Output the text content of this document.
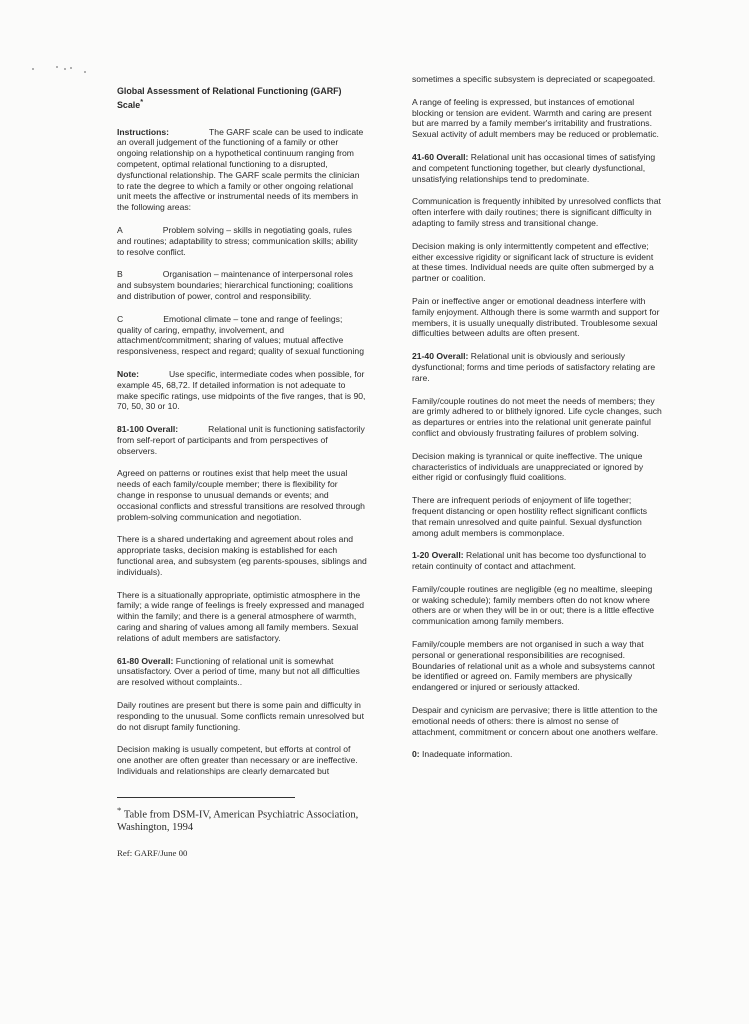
Global Assessment of Relational Functioning (GARF) Scale*

Instructions:	The GARF scale can be used to indicate an overall judgement of the functioning of a family or other ongoing relationship on a hypothetical continuum ranging from competent, optimal relational functioning to a disrupted, dysfunctional relationship. The GARF scale permits the clinician to rate the degree to which a family or other ongoing relational unit meets the affective or instrumental needs of its members in the following areas:

A	Problem solving – skills in negotiating goals, rules and routines; adaptability to stress; communication skills; ability to resolve conflict.

B	Organisation – maintenance of interpersonal roles and subsystem boundaries; hierarchical functioning; coalitions and distribution of power, control and responsibility.

C	Emotional climate – tone and range of feelings; quality of caring, empathy, involvement, and attachment/commitment; sharing of values; mutual affective responsiveness, respect and regard; quality of sexual functioning

Note:	Use specific, intermediate codes when possible, for example 45, 68,72. If detailed information is not adequate to make specific ratings, use midpoints of the five ranges, that is 90, 70, 50, 30 or 10.

81-100 Overall:	Relational unit is functioning satisfactorily from self-report of participants and from perspectives of observers.

Agreed on patterns or routines exist that help meet the usual needs of each family/couple member; there is flexibility for change in response to unusual demands or events; and occasional conflicts and stressful transitions are resolved through problem-solving communication and negotiation.

There is a shared undertaking and agreement about roles and appropriate tasks, decision making is established for each functional area, and subsystem (eg parents-spouses, siblings and individuals).

There is a situationally appropriate, optimistic atmosphere in the family; a wide range of feelings is freely expressed and managed within the family; and there is a general atmosphere of warmth, caring and sharing of values among all family members. Sexual relations of adult members are satisfactory.

61-80 Overall: Functioning of relational unit is somewhat unsatisfactory. Over a period of time, many but not all difficulties are resolved without complaints..

Daily routines are present but there is some pain and difficulty in responding to the unusual. Some conflicts remain unresolved but do not disrupt family functioning.

Decision making is usually competent, but efforts at control of one another are often greater than necessary or are ineffective. Individuals and relationships are clearly demarcated but

* Table from DSM-IV, American Psychiatric Association, Washington, 1994
Ref: GARF/June 00

sometimes a specific subsystem is depreciated or scapegoated.

A range of feeling is expressed, but instances of emotional blocking or tension are evident. Warmth and caring are present but are marred by a family member's irritability and frustrations. Sexual activity of adult members may be reduced or problematic.

41-60 Overall: Relational unit has occasional times of satisfying and competent functioning together, but clearly dysfunctional, unsatisfying relationships tend to predominate.

Communication is frequently inhibited by unresolved conflicts that often interfere with daily routines; there is significant difficulty in adapting to family stress and transitional change.

Decision making is only intermittently competent and effective; either excessive rigidity or significant lack of structure is evident at these times. Individual needs are quite often submerged by a partner or coalition.

Pain or ineffective anger or emotional deadness interfere with family enjoyment. Although there is some warmth and support for members, it is usually unequally distributed. Troublesome sexual difficulties between adults are often present.

21-40 Overall: Relational unit is obviously and seriously dysfunctional; forms and time periods of satisfactory relating are rare.

Family/couple routines do not meet the needs of members; they are grimly adhered to or blithely ignored. Life cycle changes, such as departures or entries into the relational unit generate painful conflict and obviously frustrating failures of problem solving.

Decision making is tyrannical or quite ineffective. The unique characteristics of individuals are unappreciated or ignored by either rigid or confusingly fluid coalitions.

There are infrequent periods of enjoyment of life together; frequent distancing or open hostility reflect significant conflicts that remain unresolved and quite painful. Sexual dysfunction among adult members is commonplace.

1-20 Overall: Relational unit has become too dysfunctional to retain continuity of contact and attachment.

Family/couple routines are negligible (eg no mealtime, sleeping or waking schedule); family members often do not know where others are or when they will be in or out; there is a little effective communication among family members.

Family/couple members are not organised in such a way that personal or generational responsibilities are recognised. Boundaries of relational unit as a whole and subsystems cannot be identified or agreed on. Family members are physically endangered or injured or seriously attacked.

Despair and cynicism are pervasive; there is little attention to the emotional needs of others: there is almost no sense of attachment, commitment or concern about one anothers welfare.

0: Inadequate information.
